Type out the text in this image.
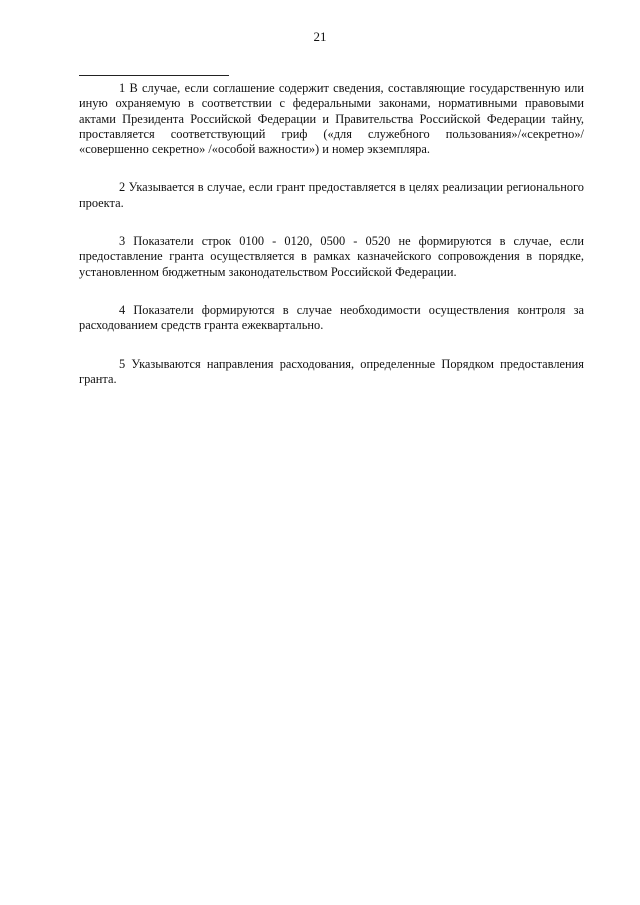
21

1 В случае, если соглашение содержит сведения, составляющие государственную или иную охраняемую в соответствии с федеральными законами, нормативными правовыми актами Президента Российской Федерации и Правительства Российской Федерации тайну, проставляется соответствующий гриф («для служебного пользования»/«секретно»/ «совершенно секретно» /«особой важности») и номер экземпляра.

2 Указывается в случае, если грант предоставляется в целях реализации регионального проекта.

3 Показатели строк 0100 - 0120, 0500 - 0520 не формируются в случае, если предоставление гранта осуществляется в рамках казначейского сопровождения в порядке, установленном бюджетным законодательством Российской Федерации.

4 Показатели формируются в случае необходимости осуществления контроля за расходованием средств гранта ежеквартально.

5 Указываются направления расходования, определенные Порядком предоставления гранта.
